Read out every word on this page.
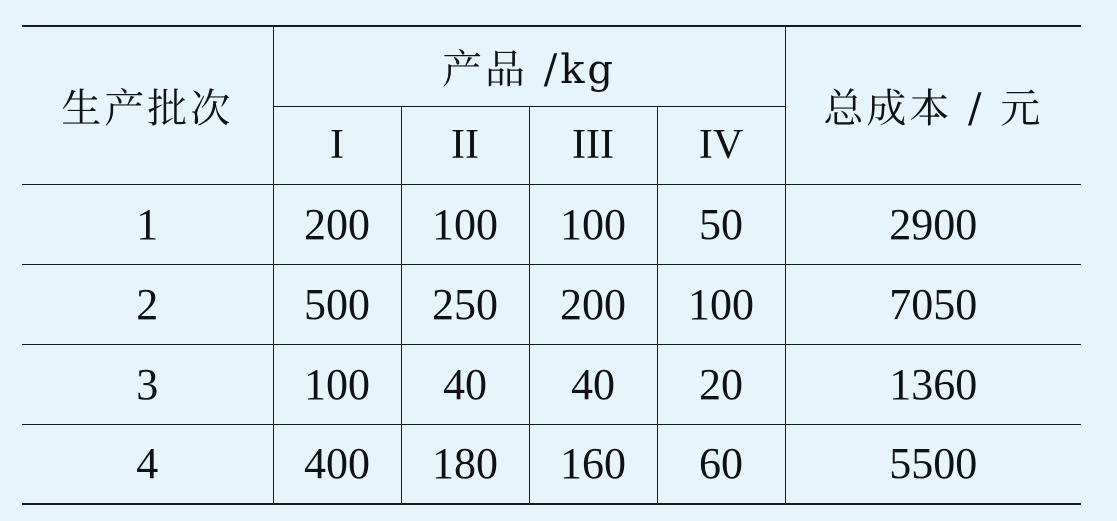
生产批次	产品 /kg				总成本 / 元
	I	II	III	IV	
1	200	100	100	50	2900
2	500	250	200	100	7050
3	100	40	40	20	1360
4	400	180	160	60	5500
